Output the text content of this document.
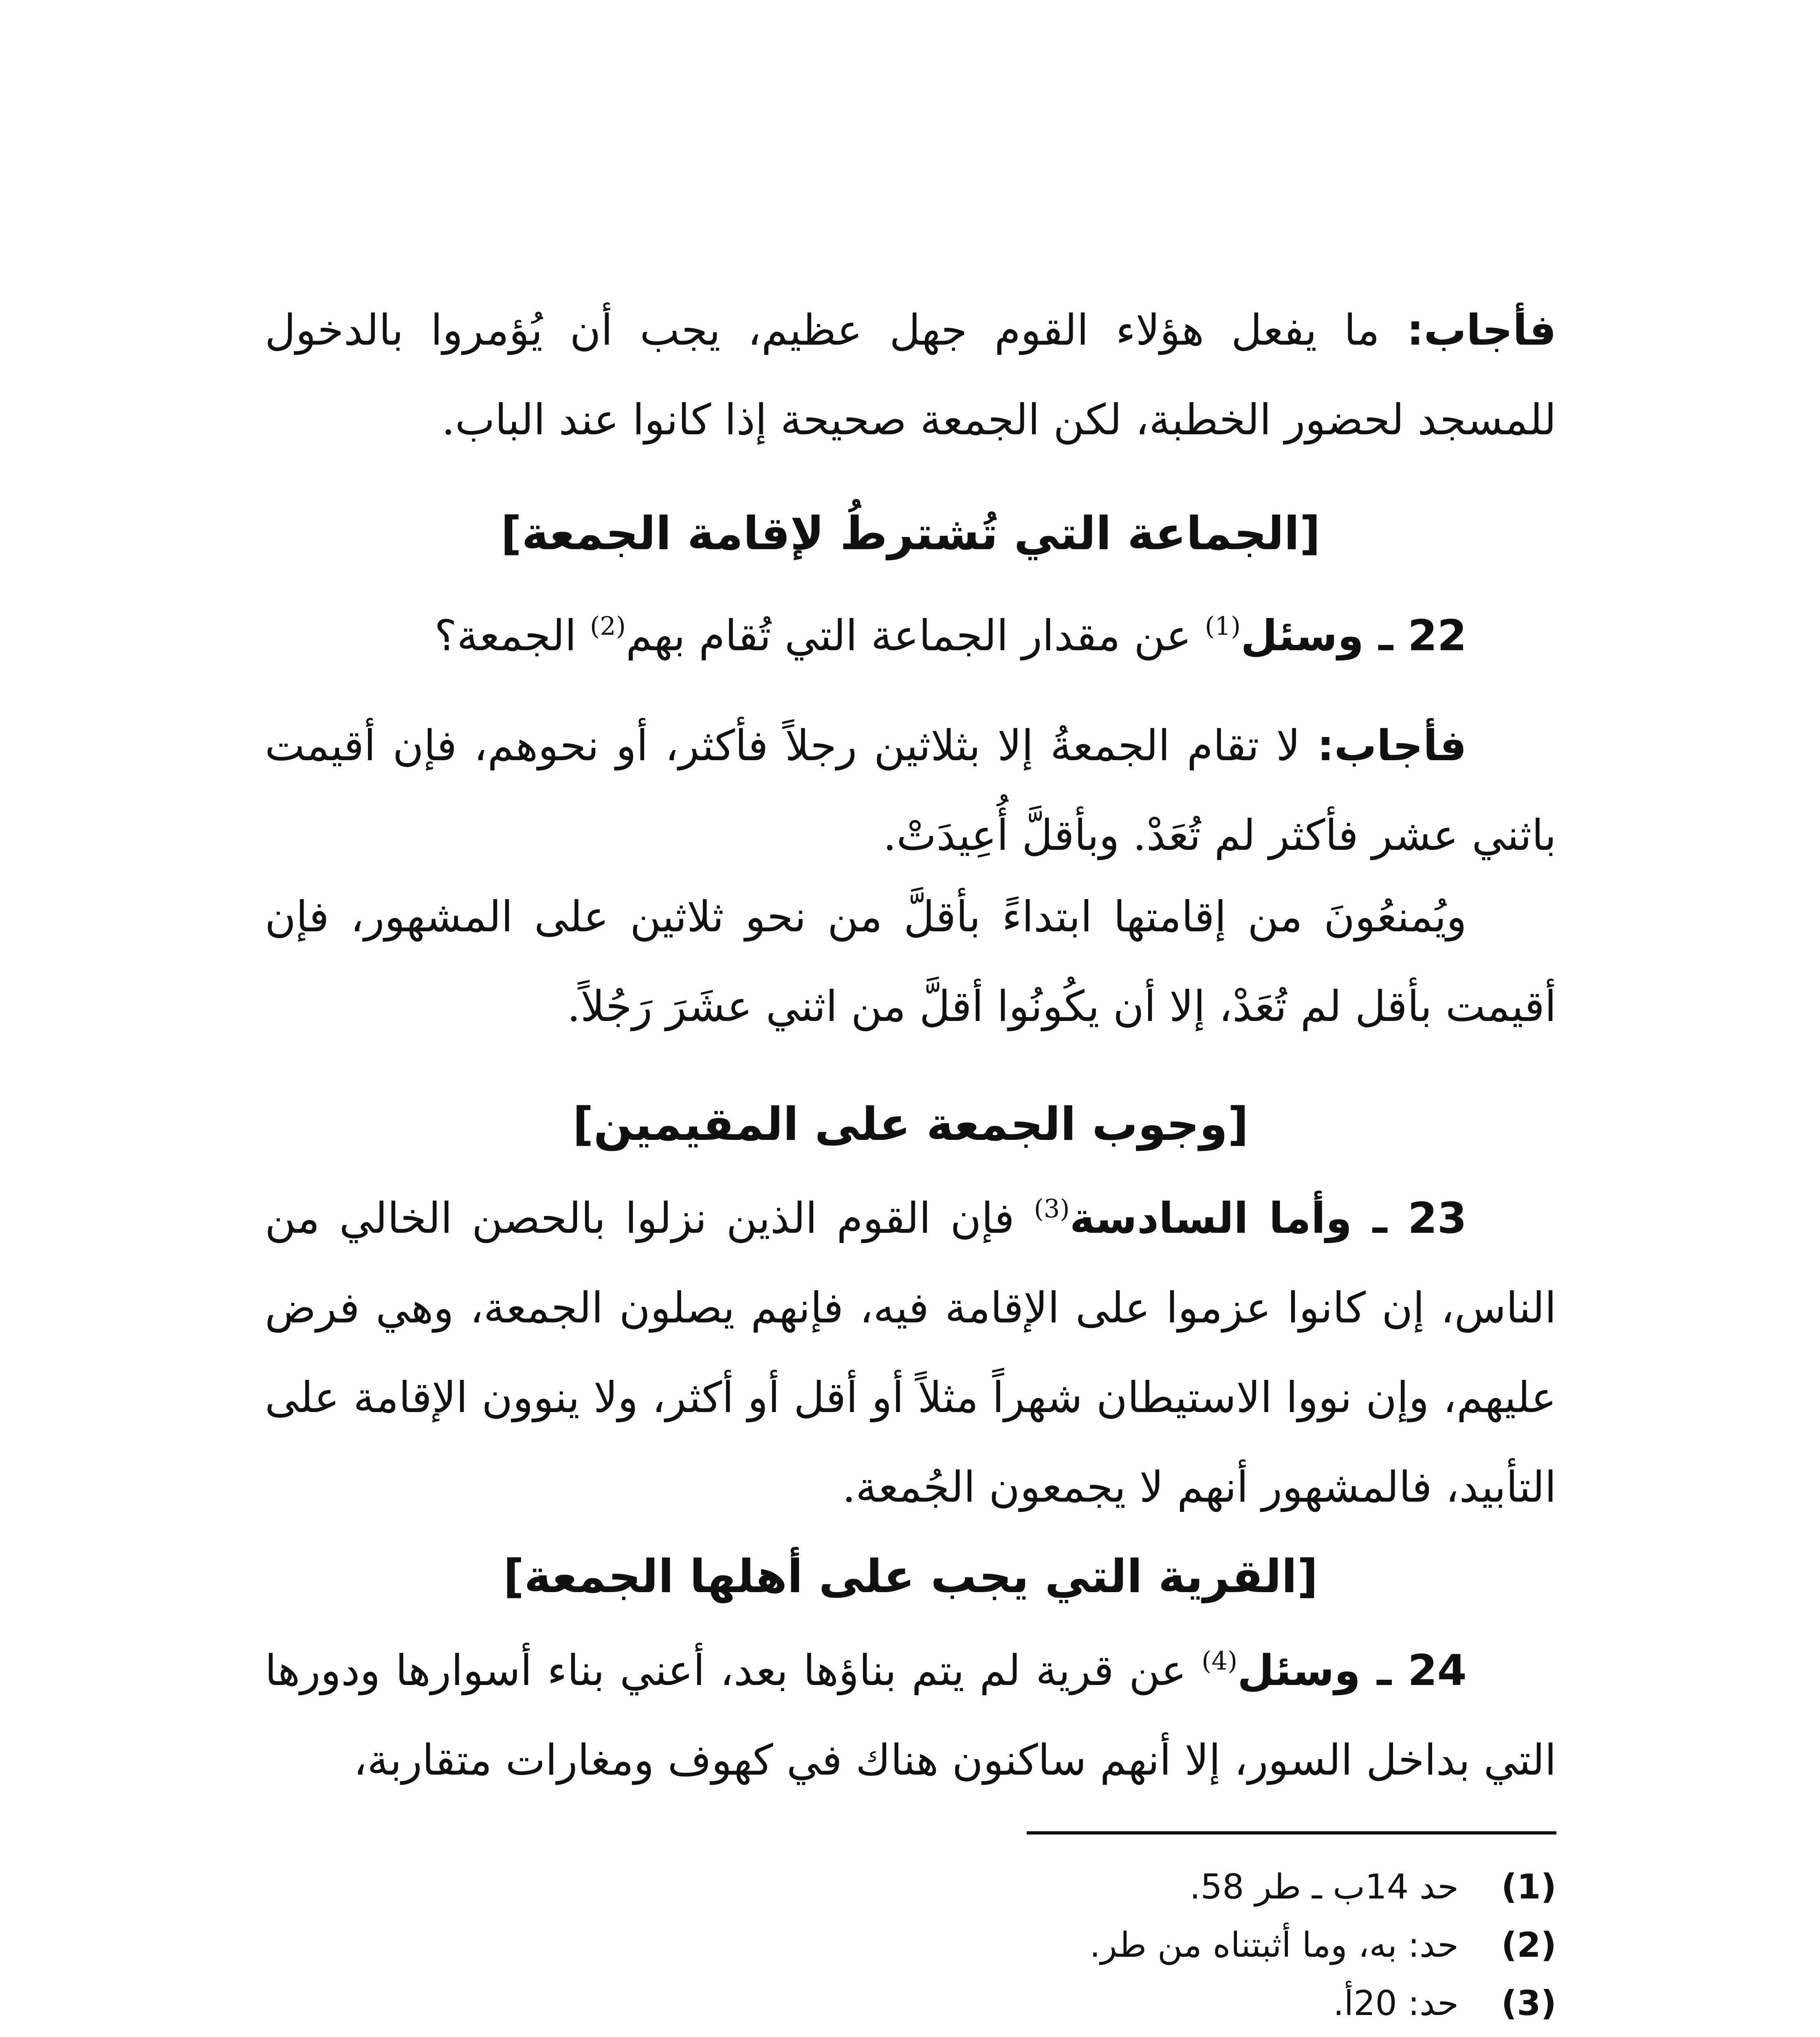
فأجاب: ما يفعل هؤلاء القوم جهل عظيم، يجب أن يُؤمروا بالدخول للمسجد لحضور الخطبة، لكن الجمعة صحيحة إذا كانوا عند الباب.

[الجماعة التي تُشترطُ لإقامة الجمعة]

22 ـ وسئل$^{(1)}$ عن مقدار الجماعة التي تُقام بهم$^{(2)}$ الجمعة؟

فأجاب: لا تقام الجمعةُ إلا بثلاثين رجلاً فأكثر، أو نحوهم، فإن أقيمت باثني عشر فأكثر لم تُعَدْ. وبأقلَّ أُعِيدَتْ.

ويُمنعُونَ من إقامتها ابتداءً بأقلَّ من نحو ثلاثين على المشهور، فإن أقيمت بأقل لم تُعَدْ، إلا أن يكُونُوا أقلَّ من اثني عشَرَ رَجُلاً.

[وجوب الجمعة على المقيمين]

23 ـ وأما السادسة$^{(3)}$ فإن القوم الذين نزلوا بالحصن الخالي من الناس، إن كانوا عزموا على الإقامة فيه، فإنهم يصلون الجمعة، وهي فرض عليهم، وإن نووا الاستيطان شهراً مثلاً أو أقل أو أكثر، ولا ينوون الإقامة على التأبيد، فالمشهور أنهم لا يجمعون الجُمعة.

[القرية التي يجب على أهلها الجمعة]

24 ـ وسئل$^{(4)}$ عن قرية لم يتم بناؤها بعد، أعني بناء أسوارها ودورها التي بداخل السور، إلا أنهم ساكنون هناك في كهوف ومغارات متقاربة،

(1)
حد 14ب ـ طر 58.
(2)
حد: به، وما أثبتناه من طر.
(3)
حد: 20أ.
